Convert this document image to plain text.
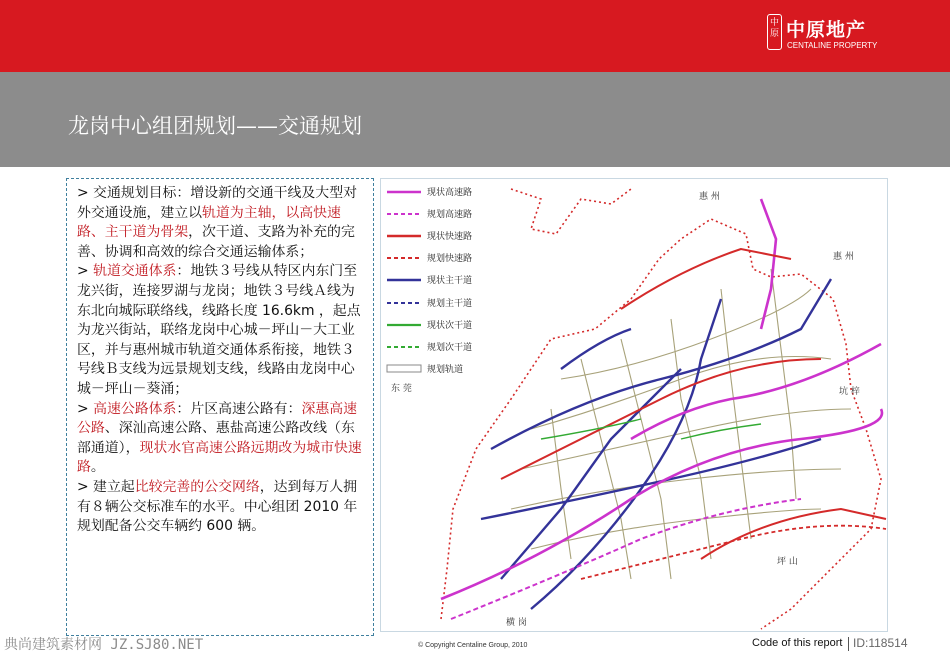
中原 中原地产
CENTALINE PROPERTY
龙岗中心组团规划——交通规划

> 交通规划目标：增设新的交通干线及大型对外交通设施，建立以轨道为主轴，以高快速路、主干道为骨架，次干道、支路为补充的完善、协调和高效的综合交通运输体系；

> 轨道交通体系：地铁３号线从特区内东门至龙兴街，连接罗湖与龙岗；地铁３号线Ａ线为东北向城际联络线，线路长度 16.6km ，起点为龙兴街站，联络龙岗中心城－坪山－大工业区，并与惠州城市轨道交通体系衔接，地铁３号线Ｂ支线为远景规划支线，线路由龙岗中心城－坪山－葵涌；

> 高速公路体系：片区高速公路有：深惠高速公路、深汕高速公路、惠盐高速公路改线（东部通道），现状水官高速公路远期改为城市快速路。

> 建立起比较完善的公交网络，达到每万人拥有８辆公交标准车的水平。中心组团 2010 年规划配备公交车辆约 600 辆。

现状高速路
规划高速路
现状快速路
规划快速路
现状主干道
规划主干道
现状次干道
规划次干道
规划轨道
惠 州
惠 州
东 莞	坑 梓
坪 山
横 岗
© Copyright Centaline Group, 2010	Code of this report ID:118514
典尚建筑素材网 JZ.SJ80.NET
